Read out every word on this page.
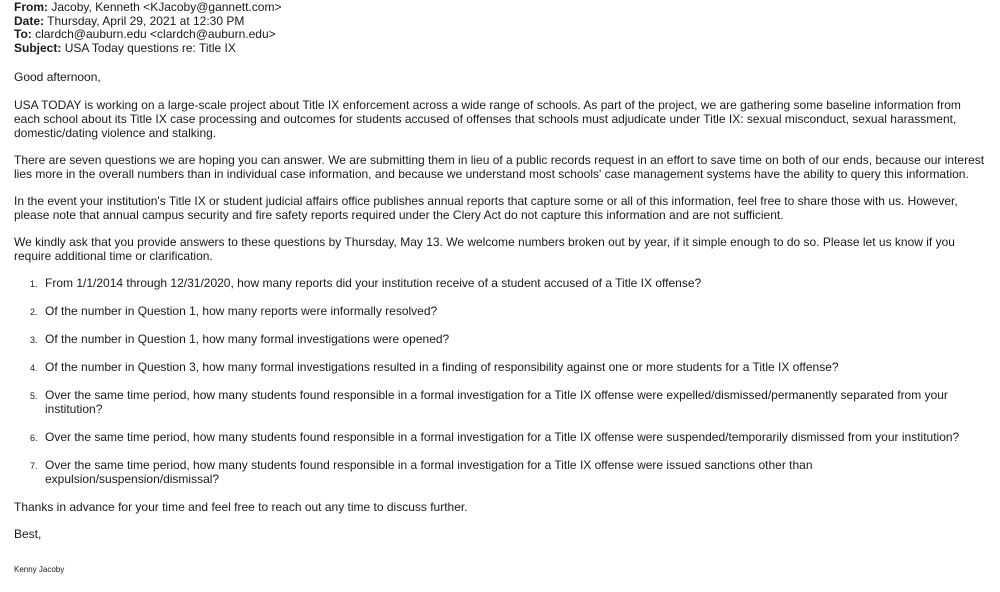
From: Jacoby, Kenneth <KJacoby@gannett.com>
Date: Thursday, April 29, 2021 at 12:30 PM
To: clardch@auburn.edu <clardch@auburn.edu>
Subject: USA Today questions re: Title IX

Good afternoon,

USA TODAY is working on a large-scale project about Title IX enforcement across a wide range of schools. As part of the project, we are gathering some baseline information from each school about its Title IX case processing and outcomes for students accused of offenses that schools must adjudicate under Title IX: sexual misconduct, sexual harassment, domestic/dating violence and stalking.

There are seven questions we are hoping you can answer. We are submitting them in lieu of a public records request in an effort to save time on both of our ends, because our interest lies more in the overall numbers than in individual case information, and because we understand most schools' case management systems have the ability to query this information.

In the event your institution's Title IX or student judicial affairs office publishes annual reports that capture some or all of this information, feel free to share those with us. However, please note that annual campus security and fire safety reports required under the Clery Act do not capture this information and are not sufficient.

We kindly ask that you provide answers to these questions by Thursday, May 13. We welcome numbers broken out by year, if it simple enough to do so. Please let us know if you require additional time or clarification.

1. From 1/1/2014 through 12/31/2020, how many reports did your institution receive of a student accused of a Title IX offense?
2. Of the number in Question 1, how many reports were informally resolved?
3. Of the number in Question 1, how many formal investigations were opened?
4. Of the number in Question 3, how many formal investigations resulted in a finding of responsibility against one or more students for a Title IX offense?
5. Over the same time period, how many students found responsible in a formal investigation for a Title IX offense were expelled/dismissed/permanently separated from your institution?
6. Over the same time period, how many students found responsible in a formal investigation for a Title IX offense were suspended/temporarily dismissed from your institution?
7. Over the same time period, how many students found responsible in a formal investigation for a Title IX offense were issued sanctions other than expulsion/suspension/dismissal?

Thanks in advance for your time and feel free to reach out any time to discuss further.

Best,

Kenny Jacoby
